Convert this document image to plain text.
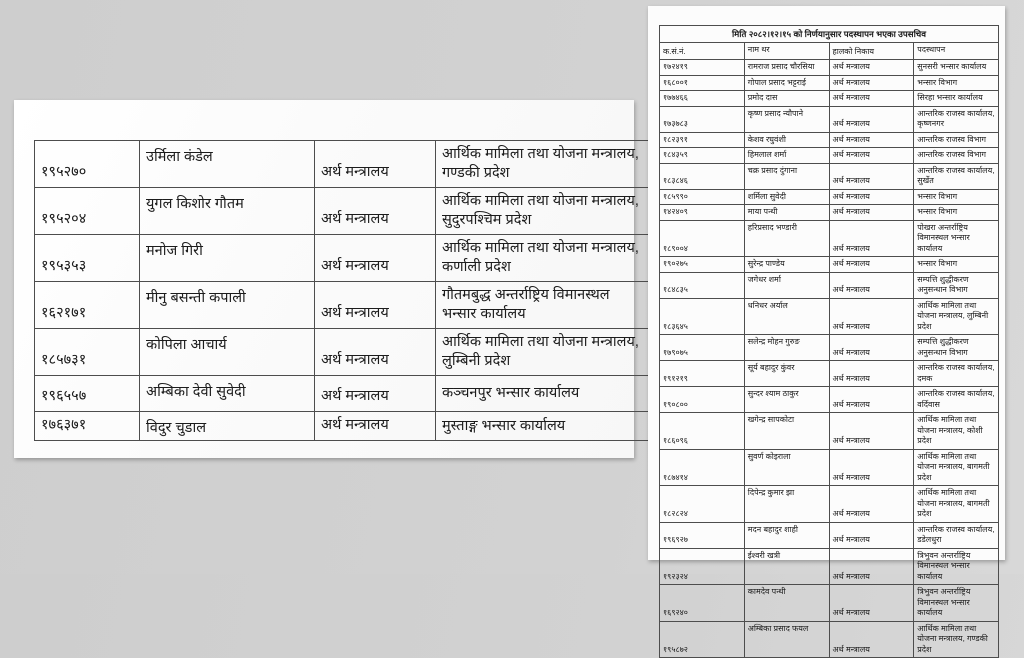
१९५२७०	उर्मिला कंडेल	अर्थ मन्त्रालय	आर्थिक मामिला तथा योजना मन्त्रालय, गण्डकी प्रदेश
१९५२०४	युगल किशोर गौतम	अर्थ मन्त्रालय	आर्थिक मामिला तथा योजना मन्त्रालय, सुदुरपश्चिम प्रदेश
१९५३५३	मनोज गिरी	अर्थ मन्त्रालय	आर्थिक मामिला तथा योजना मन्त्रालय, कर्णाली प्रदेश
१६२१७१	मीनु बसन्ती कपाली	अर्थ मन्त्रालय	गौतमबुद्ध अन्तर्राष्ट्रिय विमानस्थल भन्सार कार्यालय
१८५७३१	कोपिला आचार्य	अर्थ मन्त्रालय	आर्थिक मामिला तथा योजना मन्त्रालय, लुम्बिनी प्रदेश
१९६५५७	अम्बिका देवी सुवेदी	अर्थ मन्त्रालय	कञ्चनपुर भन्सार कार्यालय
१७६३७१	विदुर चुडाल	अर्थ मन्त्रालय	मुस्ताङ्ग भन्सार कार्यालय
मिति २०८२।१२।१५ को निर्णयानुसार पदस्थापन भएका उपसचिव			
क.सं.नं.	नाम थर	हालको निकाय	पदस्थापन
१७२४१९	रामराज प्रसाद चौरसिया	अर्थ मन्त्रालय	सुनसरी भन्सार कार्यालय
१६८००१	गोपाल प्रसाद भट्टराई	अर्थ मन्त्रालय	भन्सार विभाग
१७७४६६	प्रमोद दास	अर्थ मन्त्रालय	सिरहा भन्सार कार्यालय
१७३७८३	कृष्ण प्रसाद न्यौपाने	अर्थ मन्त्रालय	आन्तरिक राजस्व कार्यालय, कृष्णनगर
१८२३९१	केशव रघुवंशी	अर्थ मन्त्रालय	आन्तरिक राजस्व विभाग
१८४३५९	हिमलाल शर्मा	अर्थ मन्त्रालय	आन्तरिक राजस्व विभाग
१८३८४६	चक्र प्रसाद दुंगाना	अर्थ मन्त्रालय	आन्तरिक राजस्व कार्यालय, सुर्खेत
१८५९९०	शर्मिला सुवेदी	अर्थ मन्त्रालय	भन्सार विभाग
१४२४०९	माया पन्थी	अर्थ मन्त्रालय	भन्सार विभाग
१८९००४	हरिप्रसाद भण्डारी	अर्थ मन्त्रालय	पोखरा अन्तर्राष्ट्रिय विमानस्थल भन्सार कार्यालय
१९०२७५	सुरेन्द्र पाण्डेय	अर्थ मन्त्रालय	भन्सार विभाग
१८४८३५	जगेधर शर्मा	अर्थ मन्त्रालय	सम्पत्ति शुद्धीकरण अनुसन्धान विभाग
१८३६४५	धनिधर अर्याल	अर्थ मन्त्रालय	आर्थिक मामिला तथा योजना मन्त्रालय, लुम्बिनी प्रदेश
१७९०७५	सलेन्द्र मोहन गुरुङ	अर्थ मन्त्रालय	सम्पत्ति शुद्धीकरण अनुसन्धान विभाग
१९१२१९	सूर्य बहादुर कुंवर	अर्थ मन्त्रालय	आन्तरिक राजस्व कार्यालय, दमक
१९०८००	सुन्दर श्याम ठाकुर	अर्थ मन्त्रालय	आन्तरिक राजस्व कार्यालय, वर्दिवास
१८६०९६	खगेन्द्र सापकोटा	अर्थ मन्त्रालय	आर्थिक मामिला तथा योजना मन्त्रालय, कोशी प्रदेश
१८७४१४	सुवर्ण कोइराला	अर्थ मन्त्रालय	आर्थिक मामिला तथा योजना मन्त्रालय, बागमती प्रदेश
१८२८२४	दिपेन्द्र कुमार झा	अर्थ मन्त्रालय	आर्थिक मामिला तथा योजना मन्त्रालय, बागमती प्रदेश
१९६९२७	मदन बहादुर शाही	अर्थ मन्त्रालय	आन्तरिक राजस्व कार्यालय, डडेलधुरा
१९२३२४	ईश्वरी खत्री	अर्थ मन्त्रालय	त्रिभुवन अन्तर्राष्ट्रिय विमानस्थल भन्सार कार्यालय
१६९२४०	कामदेव पन्थी	अर्थ मन्त्रालय	त्रिभुवन अन्तर्राष्ट्रिय विमानस्थल भन्सार कार्यालय
१९५८७२	अम्बिका प्रसाद फयल	अर्थ मन्त्रालय	आर्थिक मामिला तथा योजना मन्त्रालय, गण्डकी प्रदेश
